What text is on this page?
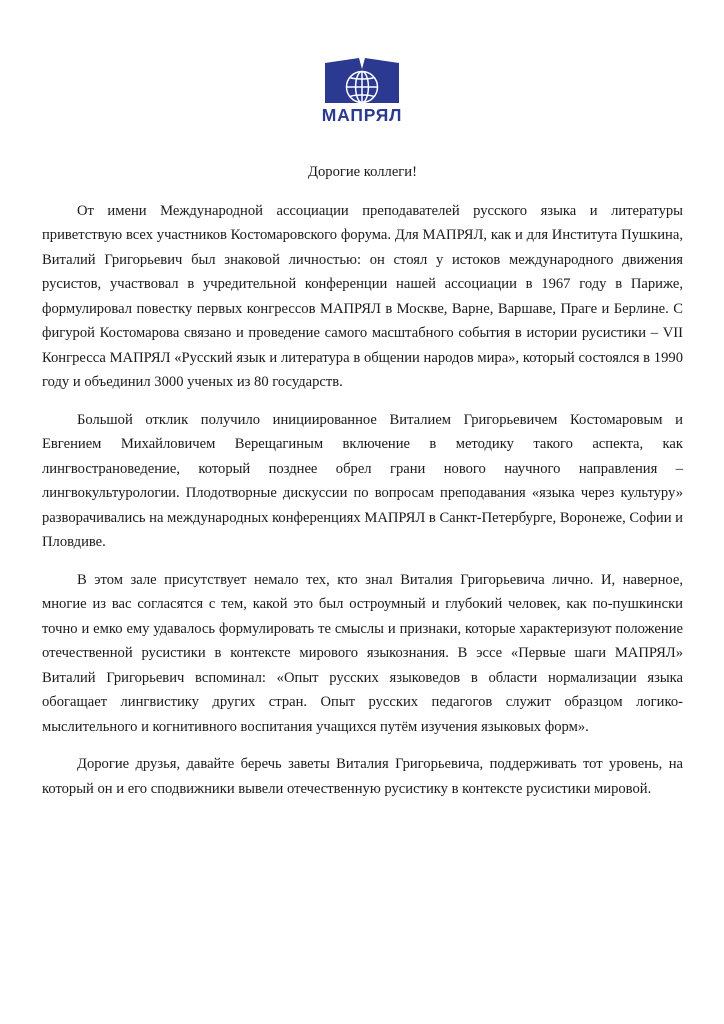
МАПРЯЛ
Дорогие коллеги!

От имени Международной ассоциации преподавателей русского языка и литературы приветствую всех участников Костомаровского форума. Для МАПРЯЛ, как и для Института Пушкина, Виталий Григорьевич был знаковой личностью: он стоял у истоков международного движения русистов, участвовал в учредительной конференции нашей ассоциации в 1967 году в Париже, формулировал повестку первых конгрессов МАПРЯЛ в Москве, Варне, Варшаве, Праге и Берлине. С фигурой Костомарова связано и проведение самого масштабного события в истории русистики – VII Конгресса МАПРЯЛ «Русский язык и литература в общении народов мира», который состоялся в 1990 году и объединил 3000 ученых из 80 государств.

Большой отклик получило инициированное Виталием Григорьевичем Костомаровым и Евгением Михайловичем Верещагиным включение в методику такого аспекта, как лингвострановедение, который позднее обрел грани нового научного направления – лингвокультурологии. Плодотворные дискуссии по вопросам преподавания «языка через культуру» разворачивались на международных конференциях МАПРЯЛ в Санкт-Петербурге, Воронеже, Софии и Пловдиве.

В этом зале присутствует немало тех, кто знал Виталия Григорьевича лично. И, наверное, многие из вас согласятся с тем, какой это был остроумный и глубокий человек, как по-пушкински точно и емко ему удавалось формулировать те смыслы и признаки, которые характеризуют положение отечественной русистики в контексте мирового языкознания. В эссе «Первые шаги МАПРЯЛ» Виталий Григорьевич вспоминал: «Опыт русских языковедов в области нормализации языка обогащает лингвистику других стран. Опыт русских педагогов служит образцом логико-мыслительного и когнитивного воспитания учащихся путём изучения языковых форм».

Дорогие друзья, давайте беречь заветы Виталия Григорьевича, поддерживать тот уровень, на который он и его сподвижники вывели отечественную русистику в контексте русистики мировой.
